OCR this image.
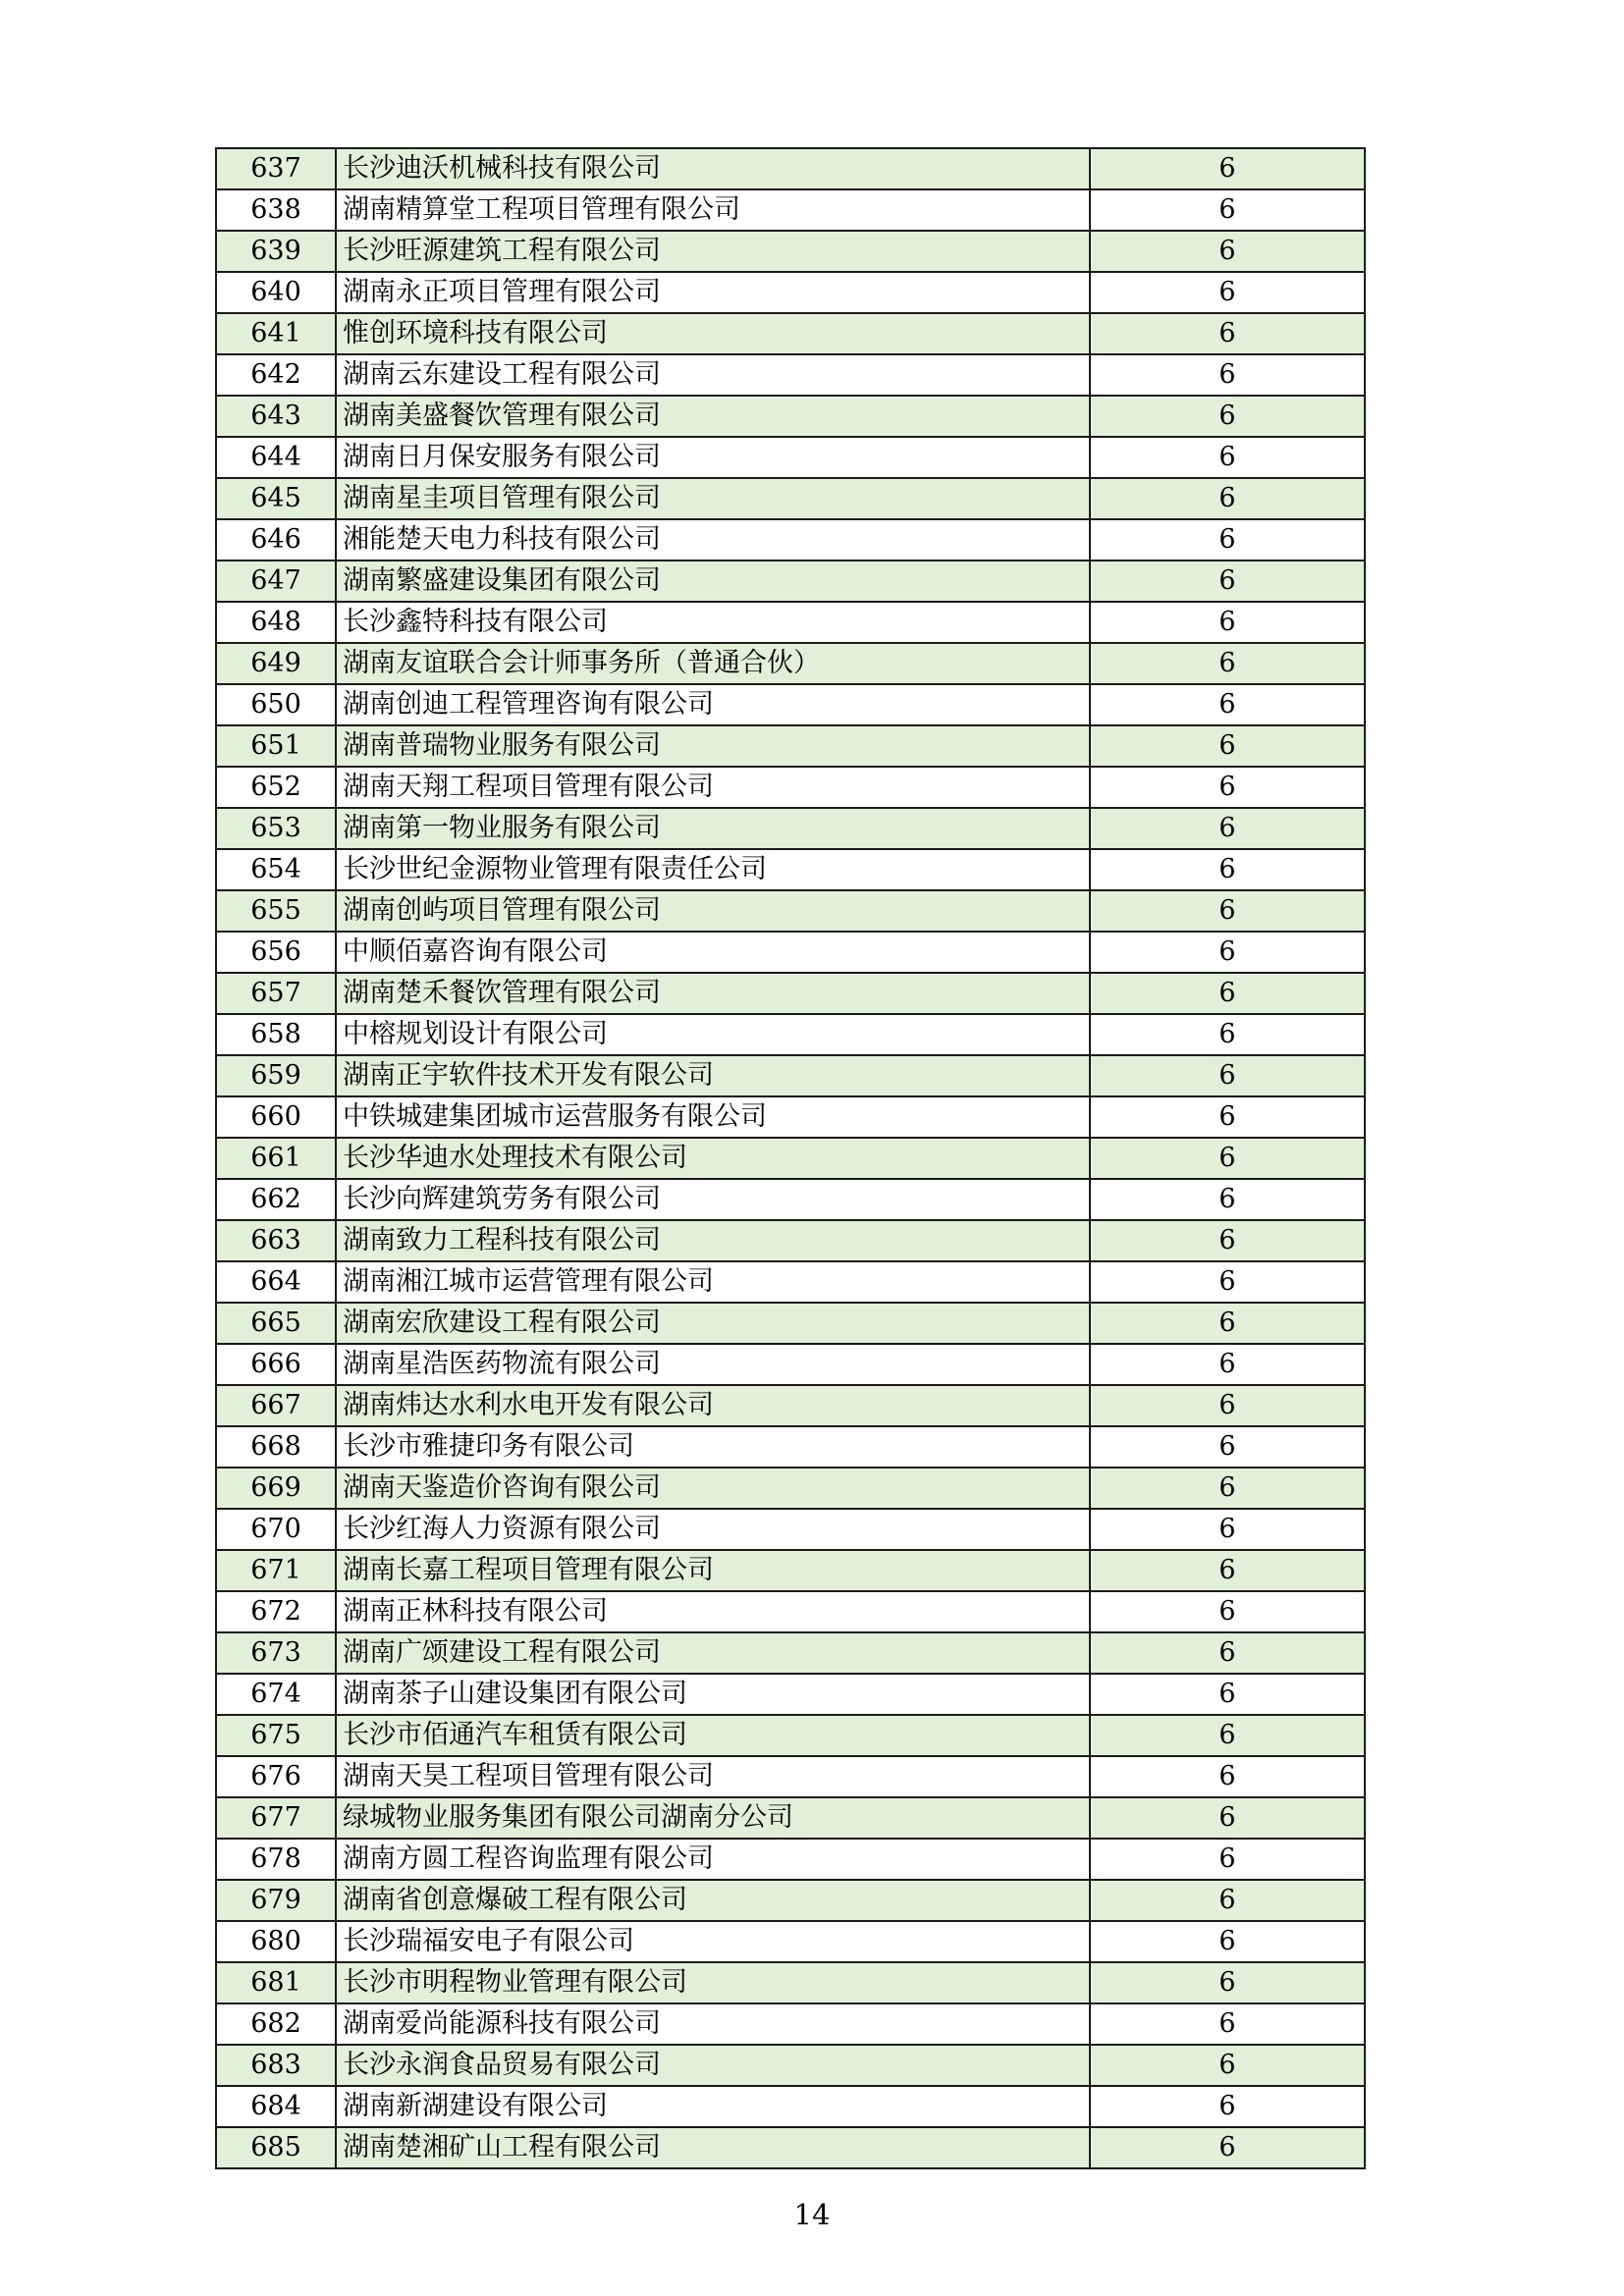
637	长沙迪沃机械科技有限公司	6
638	湖南精算堂工程项目管理有限公司	6
639	长沙旺源建筑工程有限公司	6
640	湖南永正项目管理有限公司	6
641	惟创环境科技有限公司	6
642	湖南云东建设工程有限公司	6
643	湖南美盛餐饮管理有限公司	6
644	湖南日月保安服务有限公司	6
645	湖南星圭项目管理有限公司	6
646	湘能楚天电力科技有限公司	6
647	湖南繁盛建设集团有限公司	6
648	长沙鑫特科技有限公司	6
649	湖南友谊联合会计师事务所（普通合伙）	6
650	湖南创迪工程管理咨询有限公司	6
651	湖南普瑞物业服务有限公司	6
652	湖南天翔工程项目管理有限公司	6
653	湖南第一物业服务有限公司	6
654	长沙世纪金源物业管理有限责任公司	6
655	湖南创屿项目管理有限公司	6
656	中顺佰嘉咨询有限公司	6
657	湖南楚禾餐饮管理有限公司	6
658	中榕规划设计有限公司	6
659	湖南正宇软件技术开发有限公司	6
660	中铁城建集团城市运营服务有限公司	6
661	长沙华迪水处理技术有限公司	6
662	长沙向辉建筑劳务有限公司	6
663	湖南致力工程科技有限公司	6
664	湖南湘江城市运营管理有限公司	6
665	湖南宏欣建设工程有限公司	6
666	湖南星浩医药物流有限公司	6
667	湖南炜达水利水电开发有限公司	6
668	长沙市雅捷印务有限公司	6
669	湖南天鉴造价咨询有限公司	6
670	长沙红海人力资源有限公司	6
671	湖南长嘉工程项目管理有限公司	6
672	湖南正林科技有限公司	6
673	湖南广颂建设工程有限公司	6
674	湖南茶子山建设集团有限公司	6
675	长沙市佰通汽车租赁有限公司	6
676	湖南天昊工程项目管理有限公司	6
677	绿城物业服务集团有限公司湖南分公司	6
678	湖南方圆工程咨询监理有限公司	6
679	湖南省创意爆破工程有限公司	6
680	长沙瑞福安电子有限公司	6
681	长沙市明程物业管理有限公司	6
682	湖南爱尚能源科技有限公司	6
683	长沙永润食品贸易有限公司	6
684	湖南新湖建设有限公司	6
685	湖南楚湘矿山工程有限公司	6
14
